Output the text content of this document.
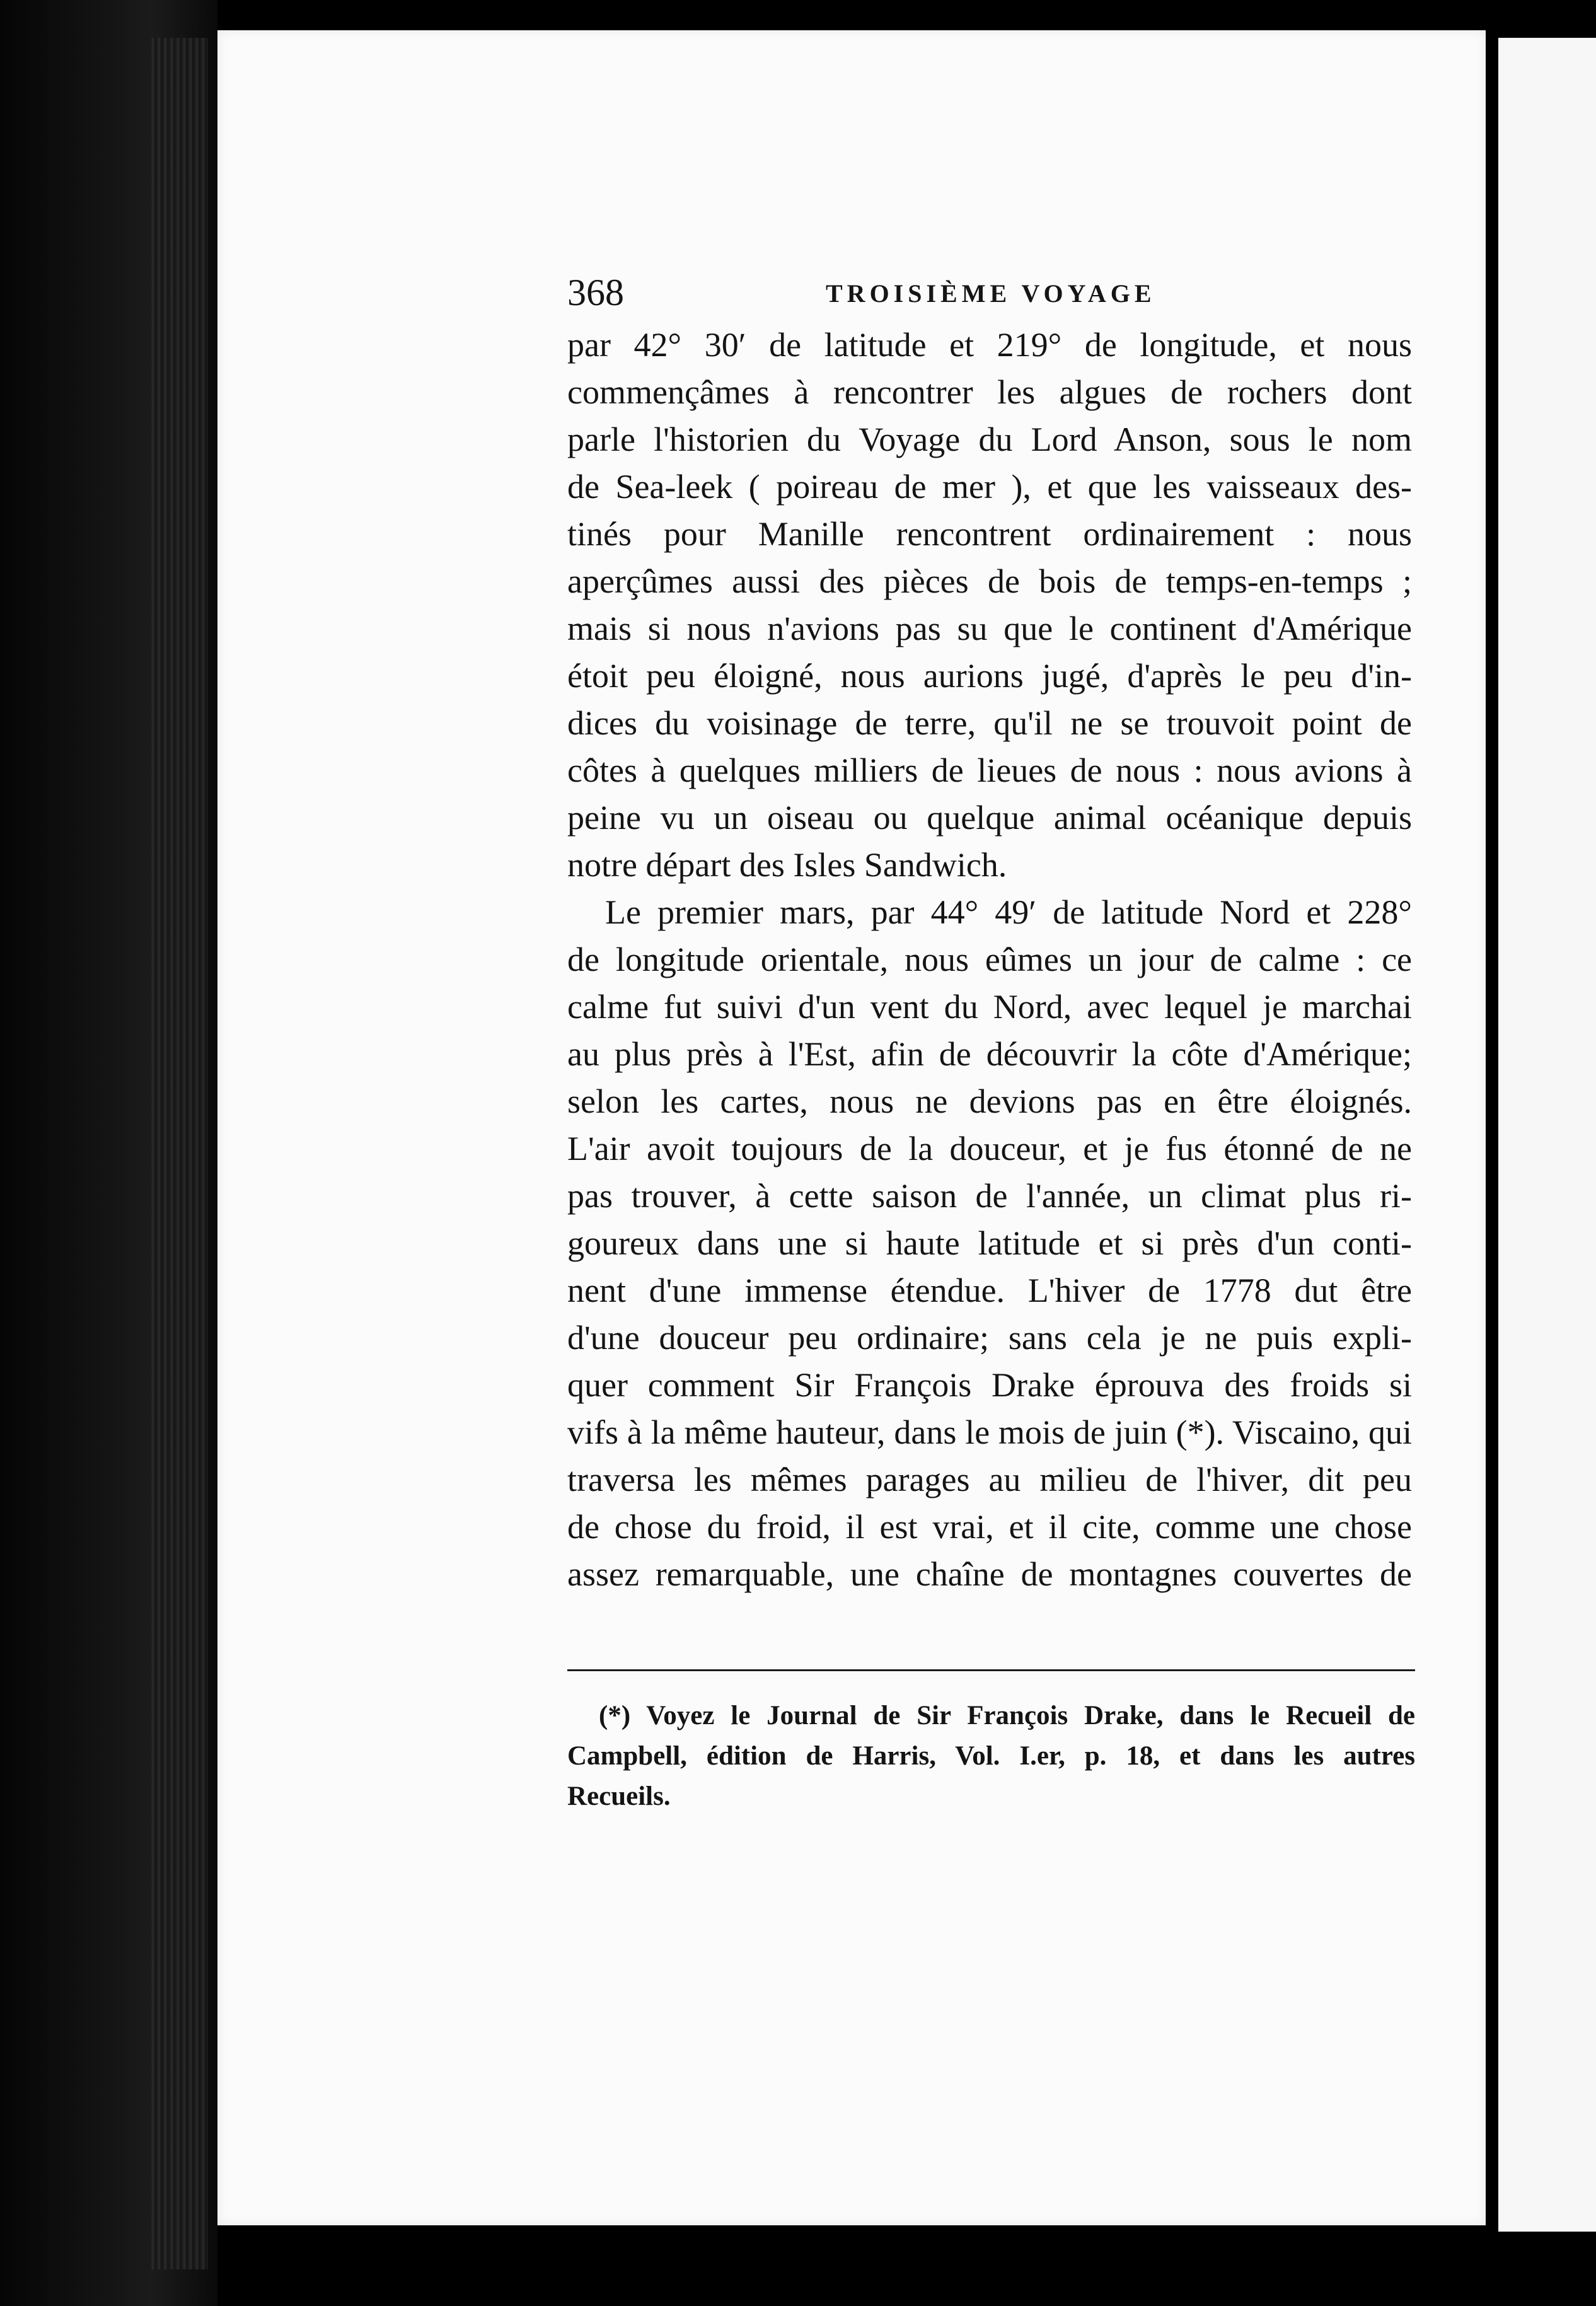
368	TROISIÈME VOYAGE
par 42° 30′ de latitude et 219° de longitude, et nous
commençâmes à rencontrer les algues de rochers dont
parle l'historien du Voyage du Lord Anson, sous le nom
de Sea-leek ( poireau de mer ), et que les vaisseaux des-
tinés pour Manille rencontrent ordinairement : nous
aperçûmes aussi des pièces de bois de temps-en-temps ;
mais si nous n'avions pas su que le continent d'Amérique
étoit peu éloigné, nous aurions jugé, d'après le peu d'in-
dices du voisinage de terre, qu'il ne se trouvoit point de
côtes à quelques milliers de lieues de nous : nous avions à
peine vu un oiseau ou quelque animal océanique depuis
notre départ des Isles Sandwich.
Le premier mars, par 44° 49′ de latitude Nord et 228°
de longitude orientale, nous eûmes un jour de calme : ce
calme fut suivi d'un vent du Nord, avec lequel je marchai
au plus près à l'Est, afin de découvrir la côte d'Amérique;
selon les cartes, nous ne devions pas en être éloignés.
L'air avoit toujours de la douceur, et je fus étonné de ne
pas trouver, à cette saison de l'année, un climat plus ri-
goureux dans une si haute latitude et si près d'un conti-
nent d'une immense étendue. L'hiver de 1778 dut être
d'une douceur peu ordinaire; sans cela je ne puis expli-
quer comment Sir François Drake éprouva des froids si
vifs à la même hauteur, dans le mois de juin (*). Viscaino, qui
traversa les mêmes parages au milieu de l'hiver, dit peu
de chose du froid, il est vrai, et il cite, comme une chose
assez remarquable, une chaîne de montagnes couvertes de
(*) Voyez le Journal de Sir François Drake, dans le Recueil de
Campbell, édition de Harris, Vol. I.er, p. 18, et dans les autres
Recueils.
